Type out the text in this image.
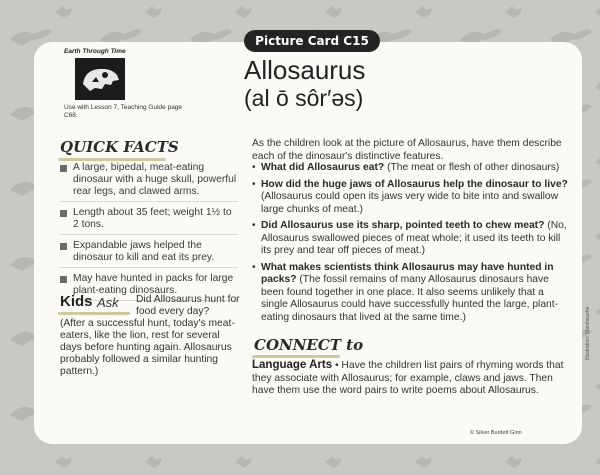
Picture Card C15
Earth Through Time
Use with Lesson 7, Teaching Guide page C68.
Allosaurus
(al ō sôr′əs)
QUICK FACTS
A large, bipedal, meat-eating dinosaur with a huge skull, powerful rear legs, and clawed arms.
Length about 35 feet; weight 1½ to 2 tons.
Expandable jaws helped the dinosaur to kill and eat its prey.
May have hunted in packs for large plant-eating dinosaurs.
Kids Ask Did Allosaurus hunt for food every day?
(After a successful hunt, today's meat-eaters, like the lion, rest for several days before hunting again. Allosaurus probably followed a similar hunting pattern.)
As the children look at the picture of Allosaurus, have them describe each of the dinosaur's distinctive features.
• What did Allosaurus eat? (The meat or flesh of other dinosaurs)
• How did the huge jaws of Allosaurus help the dinosaur to live? (Allosaurus could open its jaws very wide to bite into and swallow large chunks of meat.)
• Did Allosaurus use its sharp, pointed teeth to chew meat? (No, Allosaurus swallowed pieces of meat whole; it used its teeth to kill its prey and tear off pieces of meat.)
• What makes scientists think Allosaurus may have hunted in packs? (The fossil remains of many Allosaurus dinosaurs have been found together in one place. It also seems unlikely that a single Allosaurus could have successfully hunted the large, plant-eating dinosaurs that lived at the same time.)
CONNECT to
Language Arts • Have the children list pairs of rhyming words that they associate with Allosaurus; for example, claws and jaws. Then have them use the word pairs to write poems about Allosaurus.
© Silver Burdett Ginn
Illustration: Sheshouzhe
